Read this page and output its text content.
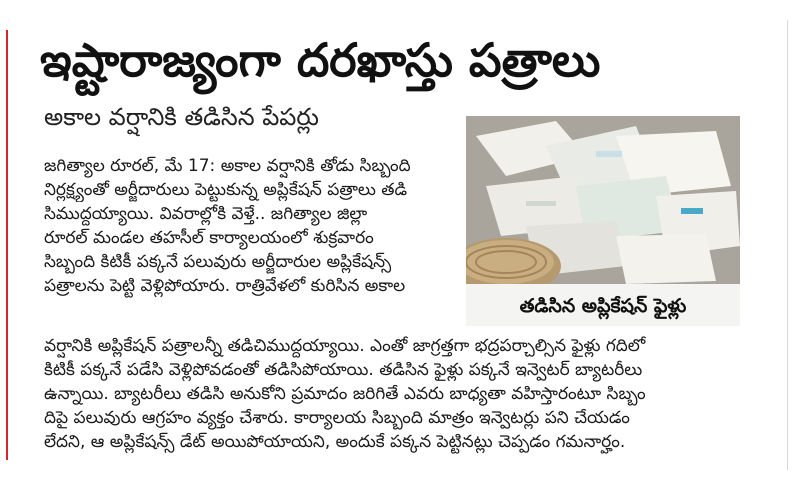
ఇష్టారాజ్యంగా దరఖాస్తు పత్రాలు
అకాల వర్షానికి తడిసిన పేపర్లు
తడిసిన అప్లికేషన్‌ ఫైళ్లు
జగిత్యాల రూరల్‌, మే 17: అకాల వర్షానికి తోడు సిబ్బంది
నిర్లక్ష్యంతో అర్జీదారులు పెట్టుకున్న అప్లికేషన్‌ పత్రాలు తడి
సిముద్దయ్యాయి. వివరాల్లోకి వెళ్తే.. జగిత్యాల జిల్లా
రూరల్‌ మండల తహసీల్‌ కార్యాలయంలో శుక్రవారం
సిబ్బంది కిటికీ పక్కనే పలువురు అర్జీదారుల అప్లికేషన్స్‌
పత్రాలను పెట్టి వెళ్లిపోయారు. రాత్రివేళలో కురిసిన అకాల
వర్షానికి అప్లికేషన్‌ పత్రాలన్నీ తడిచిముద్దయ్యాయి. ఎంతో జాగ్రత్తగా భద్రపర్చాల్సిన ఫైళ్లు గదిలో
కిటికీ పక్కనే పడేసి వెళ్లిపోవడంతో తడిసిపోయాయి. తడిసిన ఫైళ్లు పక్కనే ఇన్వెటర్‌ బ్యాటరీలు
ఉన్నాయి. బ్యాటరీలు తడిసి అనుకోని ప్రమాదం జరిగితే ఎవరు బాధ్యతా వహిస్తారంటూ సిబ్బం
దిపై పలువురు ఆగ్రహం వ్యక్తం చేశారు. కార్యాలయ సిబ్బంది మాత్రం ఇన్వెటర్లు పని చేయడం
లేదని, ఆ అప్లికేషన్స్‌ డేట్‌ అయిపోయాయని, అందుకే పక్కన పెట్టినట్లు చెప్పడం గమనార్హం.
